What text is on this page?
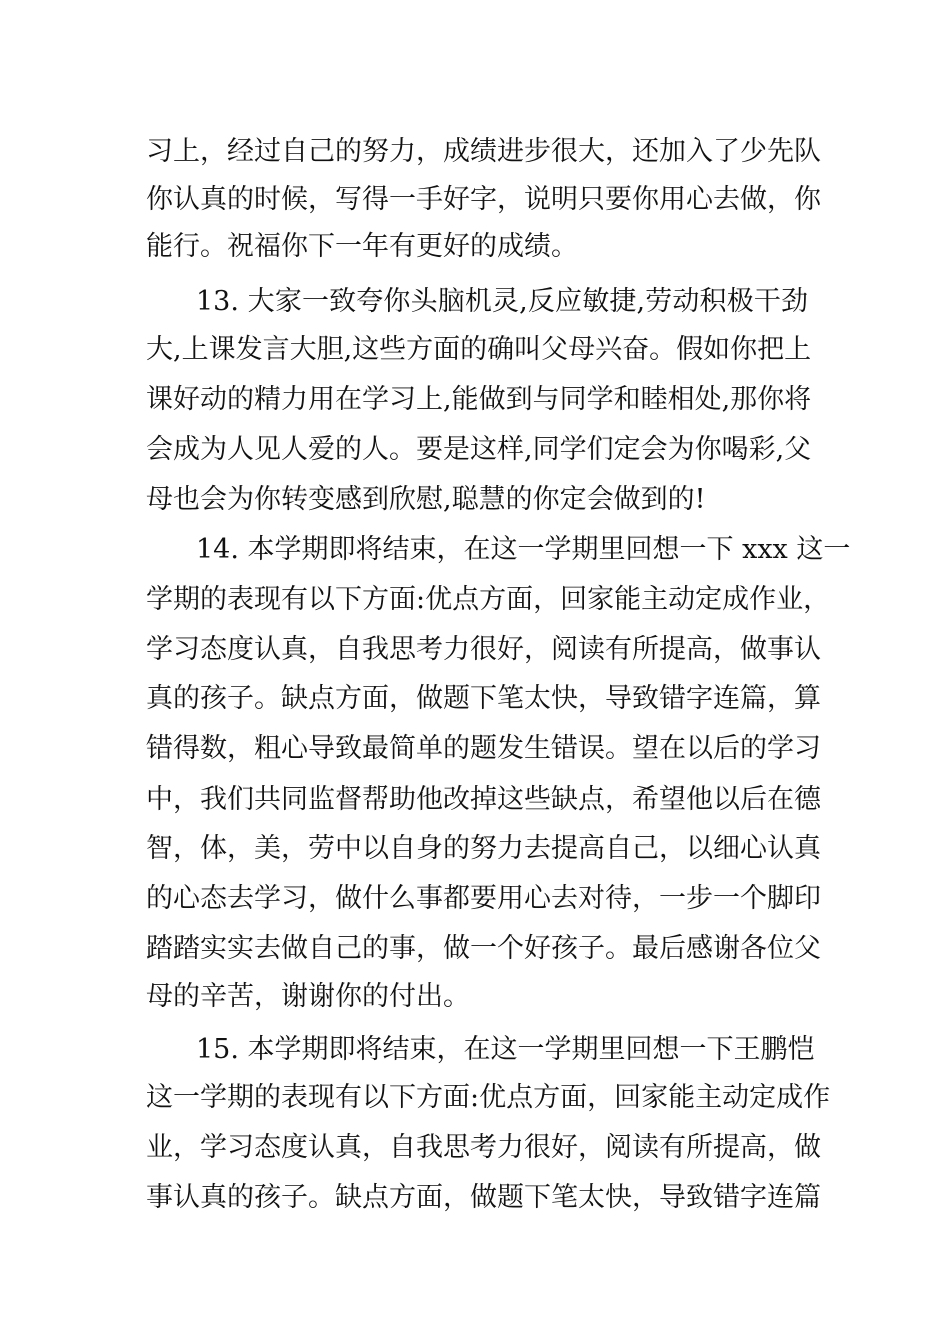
习上，经过自己的努力，成绩进步很大，还加入了少先队
你认真的时候，写得一手好字，说明只要你用心去做，你
能行。祝福你下一年有更好的成绩。
13. 大家一致夸你头脑机灵,反应敏捷,劳动积极干劲
大,上课发言大胆,这些方面的确叫父母兴奋。假如你把上
课好动的精力用在学习上,能做到与同学和睦相处,那你将
会成为人见人爱的人。要是这样,同学们定会为你喝彩,父
母也会为你转变感到欣慰,聪慧的你定会做到的!
14. 本学期即将结束，在这一学期里回想一下 xxx 这一
学期的表现有以下方面:优点方面，回家能主动定成作业，
学习态度认真，自我思考力很好，阅读有所提高，做事认
真的孩子。缺点方面，做题下笔太快，导致错字连篇，算
错得数，粗心导致最简单的题发生错误。望在以后的学习
中，我们共同监督帮助他改掉这些缺点，希望他以后在德
智，体，美，劳中以自身的努力去提高自己，以细心认真
的心态去学习，做什么事都要用心去对待，一步一个脚印
踏踏实实去做自己的事，做一个好孩子。最后感谢各位父
母的辛苦，谢谢你的付出。
15. 本学期即将结束，在这一学期里回想一下王鹏恺
这一学期的表现有以下方面:优点方面，回家能主动定成作
业，学习态度认真，自我思考力很好，阅读有所提高，做
事认真的孩子。缺点方面，做题下笔太快，导致错字连篇
